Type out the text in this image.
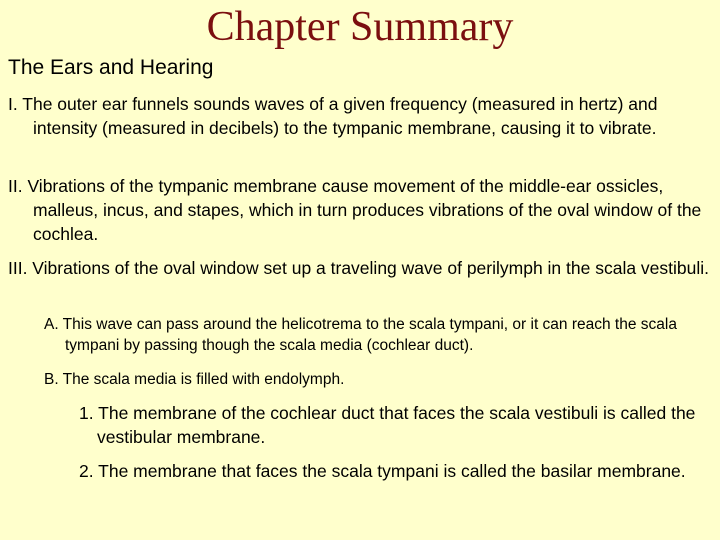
Chapter Summary
The Ears and Hearing

I. The outer ear funnels sounds waves of a given frequency (measured in hertz) and intensity (measured in decibels) to the tympanic membrane, causing it to vibrate.

II. Vibrations of the tympanic membrane cause movement of the middle-ear ossicles, malleus, incus, and stapes, which in turn produces vibrations of the oval window of the cochlea.

III. Vibrations of the oval window set up a traveling wave of perilymph in the scala vestibuli.

A. This wave can pass around the helicotrema to the scala tympani, or it can reach the scala tympani by passing though the scala media (cochlear duct).

B. The scala media is filled with endolymph.

1. The membrane of the cochlear duct that faces the scala vestibuli is called the vestibular membrane.

2. The membrane that faces the scala tympani is called the basilar membrane.
